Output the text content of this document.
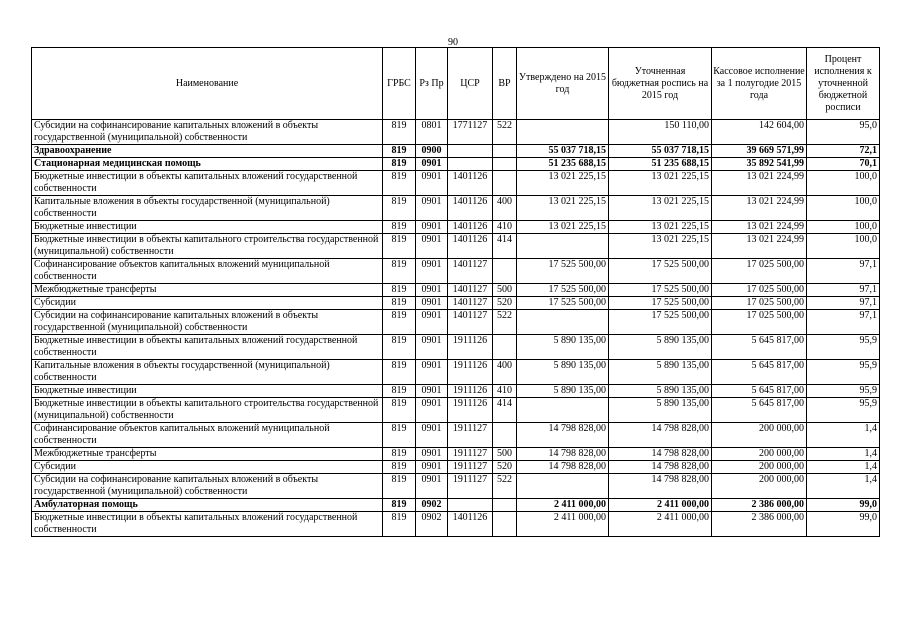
90
Наименование	ГРБС	Рз Пр	ЦСР	ВР	Утверждено на 2015 год	Уточненная бюджетная роспись на 2015 год	Кассовое исполнение за 1 полугодие 2015 года	Процент исполнения к уточненной бюджетной росписи
Субсидии на софинансирование капитальных вложений в объекты государственной (муниципальной) собственности	819	0801	1771127	522		150 110,00	142 604,00	95,0
Здравоохранение	819	0900			55 037 718,15	55 037 718,15	39 669 571,99	72,1
Стационарная медицинская помощь	819	0901			51 235 688,15	51 235 688,15	35 892 541,99	70,1
Бюджетные инвестиции в объекты капитальных вложений государственной собственности	819	0901	1401126		13 021 225,15	13 021 225,15	13 021 224,99	100,0
Капитальные вложения в объекты государственной (муниципальной) собственности	819	0901	1401126	400	13 021 225,15	13 021 225,15	13 021 224,99	100,0
Бюджетные инвестиции	819	0901	1401126	410	13 021 225,15	13 021 225,15	13 021 224,99	100,0
Бюджетные инвестиции в объекты капитального строительства государственной (муниципальной) собственности	819	0901	1401126	414		13 021 225,15	13 021 224,99	100,0
Софинансирование объектов капитальных вложений муниципальной собственности	819	0901	1401127		17 525 500,00	17 525 500,00	17 025 500,00	97,1
Межбюджетные трансферты	819	0901	1401127	500	17 525 500,00	17 525 500,00	17 025 500,00	97,1
Субсидии	819	0901	1401127	520	17 525 500,00	17 525 500,00	17 025 500,00	97,1
Субсидии на софинансирование капитальных вложений в объекты государственной (муниципальной) собственности	819	0901	1401127	522		17 525 500,00	17 025 500,00	97,1
Бюджетные инвестиции в объекты капитальных вложений государственной собственности	819	0901	1911126		5 890 135,00	5 890 135,00	5 645 817,00	95,9
Капитальные вложения в объекты государственной (муниципальной) собственности	819	0901	1911126	400	5 890 135,00	5 890 135,00	5 645 817,00	95,9
Бюджетные инвестиции	819	0901	1911126	410	5 890 135,00	5 890 135,00	5 645 817,00	95,9
Бюджетные инвестиции в объекты капитального строительства государственной (муниципальной) собственности	819	0901	1911126	414		5 890 135,00	5 645 817,00	95,9
Софинансирование объектов капитальных вложений муниципальной собственности	819	0901	1911127		14 798 828,00	14 798 828,00	200 000,00	1,4
Межбюджетные трансферты	819	0901	1911127	500	14 798 828,00	14 798 828,00	200 000,00	1,4
Субсидии	819	0901	1911127	520	14 798 828,00	14 798 828,00	200 000,00	1,4
Субсидии на софинансирование капитальных вложений в объекты государственной (муниципальной) собственности	819	0901	1911127	522		14 798 828,00	200 000,00	1,4
Амбулаторная помощь	819	0902			2 411 000,00	2 411 000,00	2 386 000,00	99,0
Бюджетные инвестиции в объекты капитальных вложений государственной собственности	819	0902	1401126		2 411 000,00	2 411 000,00	2 386 000,00	99,0
